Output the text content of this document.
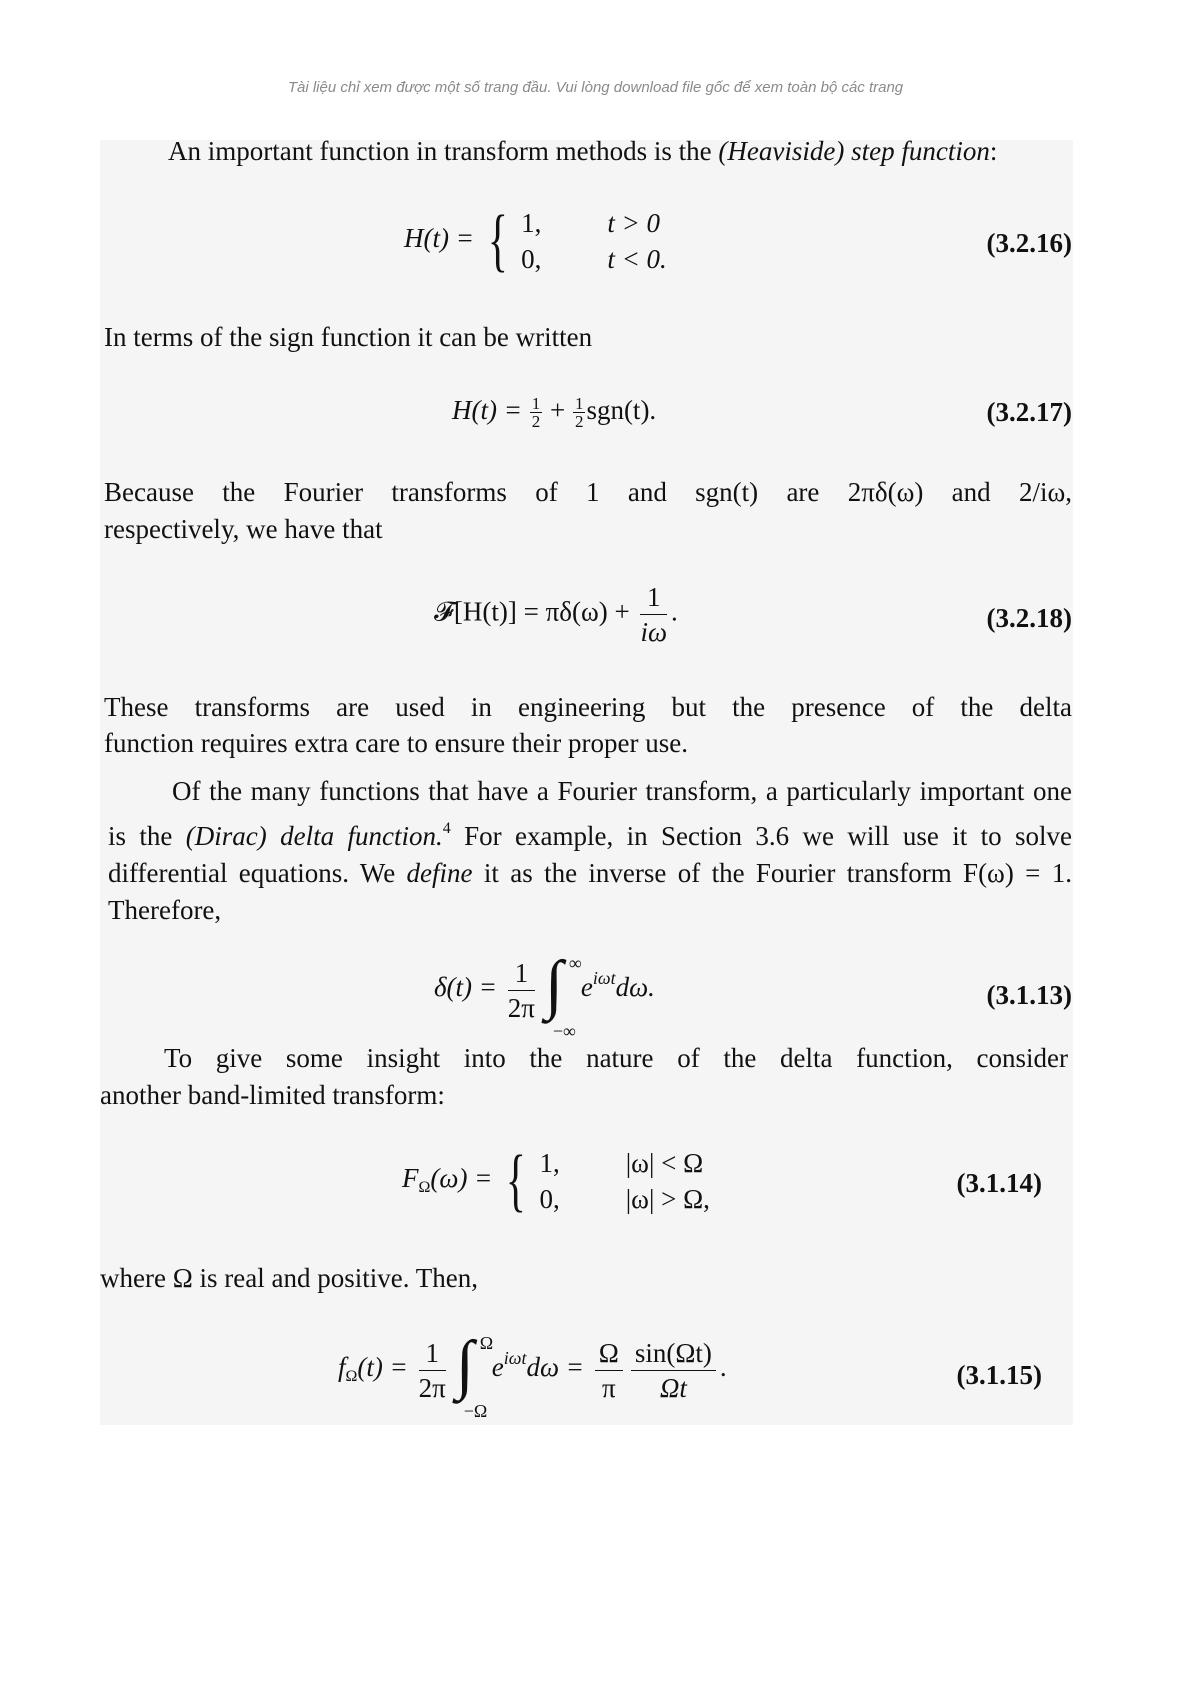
Tài liệu chỉ xem được một số trang đầu. Vui lòng download file gốc để xem toàn bộ các trang
An important function in transform methods is the (Heaviside) step function:
H(t) = { 1,	t > 0
0,	t < 0.
(3.2.16)
In terms of the sign function it can be written
$H(t) = \frac{1}{2} + \frac{1}{2}sgn(t)$.	(3.2.17)
Because the Fourier transforms of 1 and sgn(t) are 2πδ(ω) and 2/iω,
respectively, we have that
𝓕[H(t)] = $\pi\delta(\omega) + \frac{1}{i\omega}$ .	(3.2.18)
These transforms are used in engineering but the presence of the delta
function requires extra care to ensure their proper use.
Of the many functions that have a Fourier transform, a particularly important one is the (Dirac) delta function.$^4$ For example, in Section 3.6 we will use it to solve differential equations. We define it as the inverse of the Fourier transform F(ω) = 1. Therefore,
$\delta(t) = \frac{1}{2\pi}$ ∫ ∞
−∞
$e^{i\omega t}d\omega$.	(3.1.13)
To give some insight into the nature of the delta function, consider
another band-limited transform:
$F_\Omega(\omega)$ = { 1,	|ω| < Ω
0,	|ω| > Ω,
(3.1.14)
where Ω is real and positive. Then,
$f_\Omega(t) = \frac{1}{2\pi}$ ∫ Ω
−Ω
$e^{i\omega t}d\omega = \frac{\Omega}{\pi} \frac{\sin(\Omega t)}{\Omega t}$ .	(3.1.15)
